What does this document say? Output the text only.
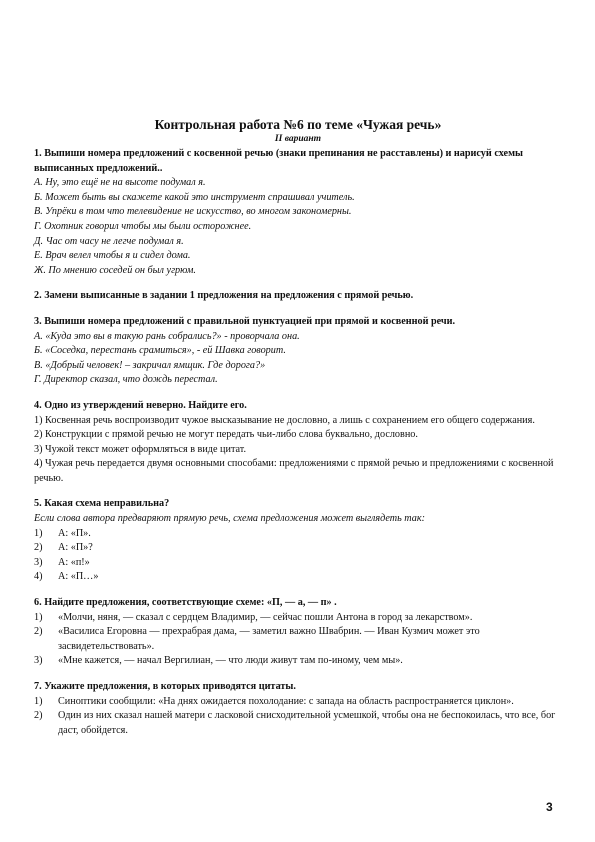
Контрольная работа №6 по теме «Чужая речь»

II вариант

1. Выпиши номера предложений с косвенной речью (знаки препинания не расставлены) и нарисуй схемы выписанных предложений..

А. Ну, это ещё не на высоте подумал я.

Б. Может быть вы скажете какой это инструмент спрашивал учитель.

В. Упрёки в том что телевидение не искусство, во многом закономерны.

Г. Охотник говорил чтобы мы были осторожнее.

Д. Час от часу не легче подумал я.

Е. Врач велел чтобы я и сидел дома.

Ж. По мнению соседей он был угрюм.

2. Замени выписанные в задании 1 предложения на предложения с прямой речью.

3. Выпиши номера предложений с правильной пунктуацией при прямой и косвенной речи.

А. «Куда это вы в такую рань собрались?» - проворчала она.

Б. «Соседка, перестань срамиться», - ей Шавка говорит.

В. «Добрый человек! – закричал ямщик. Где дорога?»

Г. Директор сказал, что дождь перестал.

4. Одно из утверждений неверно. Найдите его.

1) Косвенная речь воспроизводит чужое высказывание не дословно, а лишь с сохранением его общего содержания.

2) Конструкции с прямой речью не могут передать чьи-либо слова буквально, дословно.

3) Чужой текст может оформляться в виде цитат.

4) Чужая речь передается двумя основными способами: предложениями с прямой речью и предложениями с косвенной речью.

5. Какая схема неправильна?

Если слова автора предваряют прямую речь, схема предложения может выглядеть так:

1)	А: «П».
2)	А: «П»?
3)	А: «п!»
4)	А: «П…»

6. Найдите предложения, соответствующие схеме: «П, — а, — п» .

1)	«Молчи, няня, — сказал с сердцем Владимир, — сейчас пошли Антона в город за лекарством».
2)	«Василиса Егоровна — прехрабрая дама, — заметил важно Швабрин. — Иван Кузмич может это засвидетельствовать».
3)	«Мне кажется, — начал Вергилиан, — что люди живут там по-иному, чем мы».

7. Укажите предложения, в которых приводятся цитаты.

1)	Синоптики сообщили: «На днях ожидается похолодание: с запада на область распространяется циклон».
2)	Один из них сказал нашей матери с ласковой снисходительной усмешкой, чтобы она не беспокоилась, что все, бог даст, обойдется.
3
